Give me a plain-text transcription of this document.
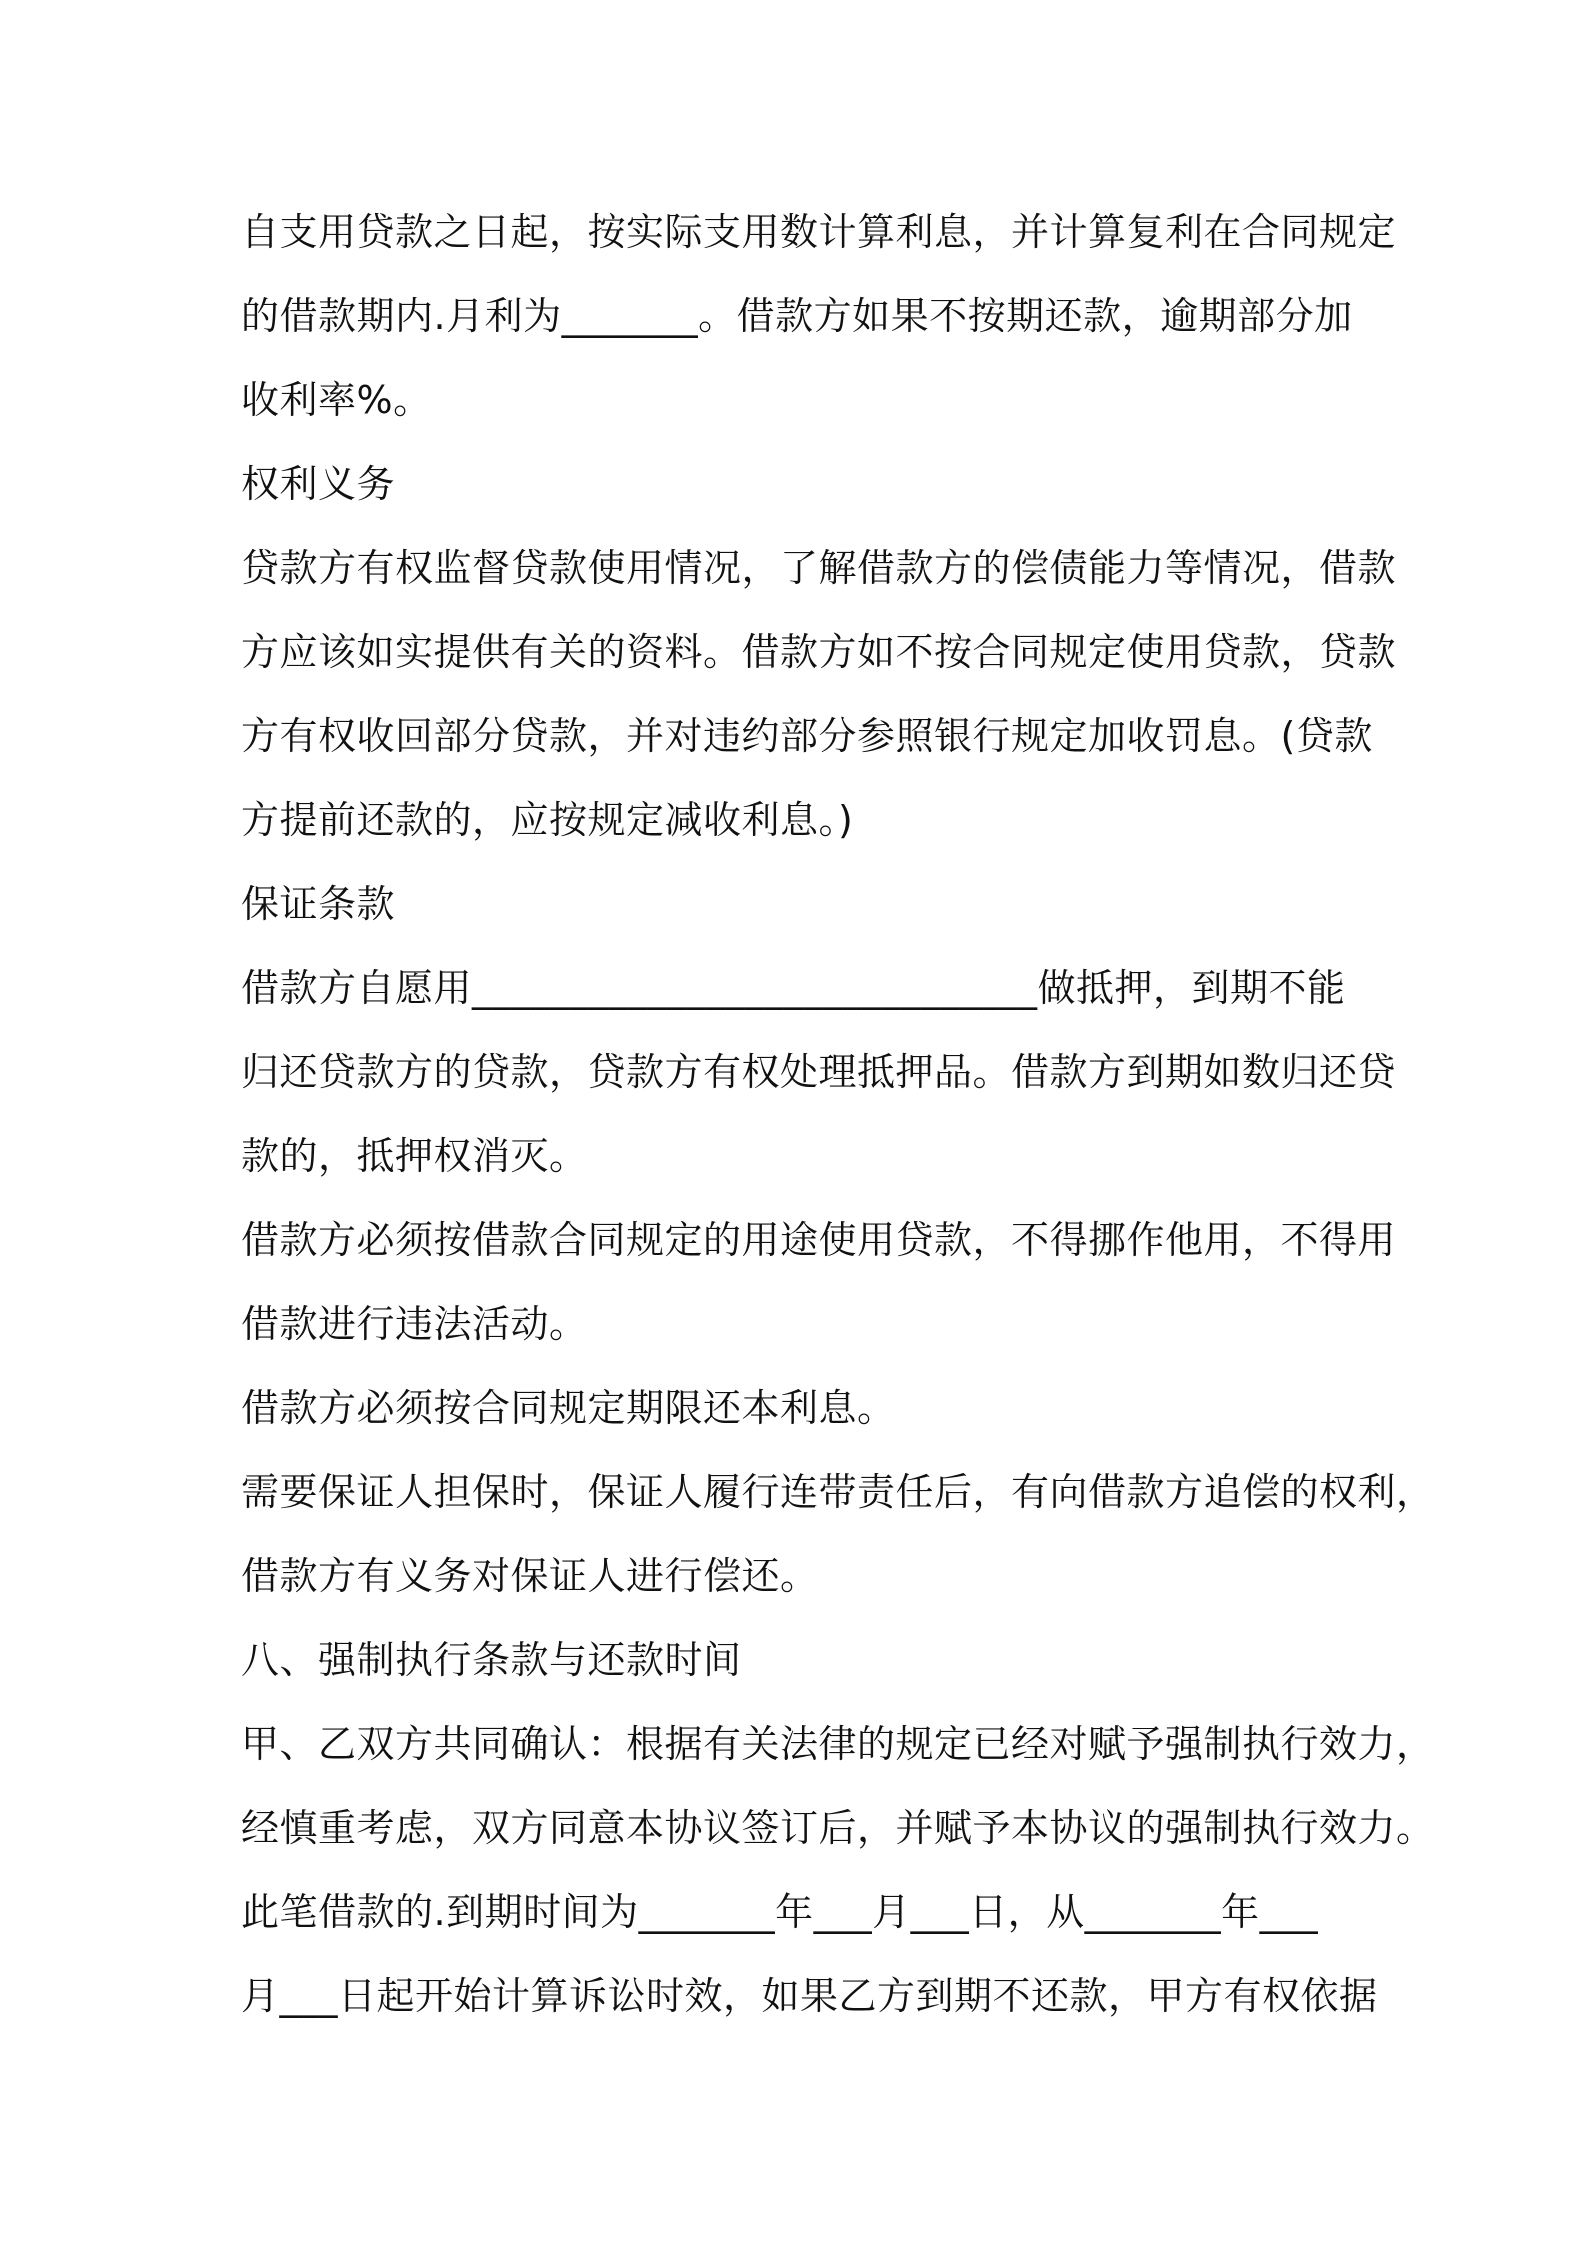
自支用贷款之日起，按实际支用数计算利息，并计算复利在合同规定
的借款期内.月利为_______。借款方如果不按期还款，逾期部分加
收利率%。
权利义务
贷款方有权监督贷款使用情况，了解借款方的偿债能力等情况，借款
方应该如实提供有关的资料。借款方如不按合同规定使用贷款，贷款
方有权收回部分贷款，并对违约部分参照银行规定加收罚息。(贷款
方提前还款的，应按规定减收利息。)
保证条款
借款方自愿用_____________________________做抵押，到期不能
归还贷款方的贷款，贷款方有权处理抵押品。借款方到期如数归还贷
款的，抵押权消灭。
借款方必须按借款合同规定的用途使用贷款，不得挪作他用，不得用
借款进行违法活动。
借款方必须按合同规定期限还本利息。
需要保证人担保时，保证人履行连带责任后，有向借款方追偿的权利，
借款方有义务对保证人进行偿还。
八、强制执行条款与还款时间
甲、乙双方共同确认：根据有关法律的规定已经对赋予强制执行效力，
经慎重考虑，双方同意本协议签订后，并赋予本协议的强制执行效力。
此笔借款的.到期时间为_______年___月___日，从_______年___
月___日起开始计算诉讼时效，如果乙方到期不还款，甲方有权依据
